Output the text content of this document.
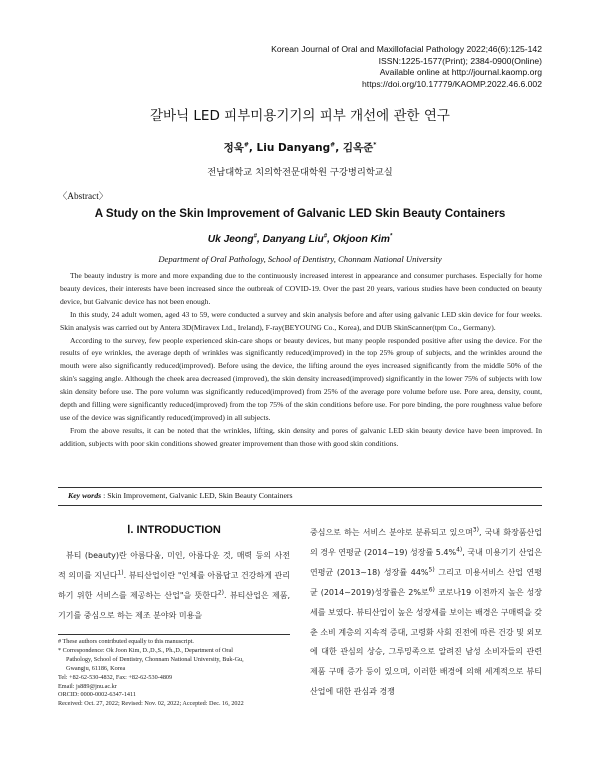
Korean Journal of Oral and Maxillofacial Pathology 2022;46(6):125-142
ISSN:1225-1577(Print); 2384-0900(Online)
Available online at http://journal.kaomp.org
https://doi.org/10.17779/KAOMP.2022.46.6.002
갈바닉 LED 피부미용기기의 피부 개선에 관한 연구
정욱#, Liu Danyang#, 김옥준*
전남대학교 치의학전문대학원 구강병리학교실
〈Abstract〉
A Study on the Skin Improvement of Galvanic LED Skin Beauty Containers
Uk Jeong#, Danyang Liu#, Okjoon Kim*
Department of Oral Pathology, School of Dentistry, Chonnam National University

The beauty industry is more and more expanding due to the continuously increased interest in appearance and consumer purchases. Especially for home beauty devices, their interests have been increased since the outbreak of COVID-19. Over the past 20 years, various studies have been conducted on beauty device, but Galvanic device has not been enough.

In this study, 24 adult women, aged 43 to 59, were conducted a survey and skin analysis before and after using galvanic LED skin device for four weeks. Skin analysis was carried out by Antera 3D(Miravex Ltd., Ireland), F-ray(BEYOUNG Co., Korea), and DUB SkinScanner(tpm Co., Germany).

According to the survey, few people experienced skin-care shops or beauty devices, but many people responded positive after using the device. For the results of eye wrinkles, the average depth of wrinkles was significantly reduced(improved) in the top 25% group of subjects, and the wrinkles around the mouth were also significantly reduced(improved). Before using the device, the lifting around the eyes increased significantly from the middle 50% of the skin's sagging angle. Although the cheek area decreased (improved), the skin density increased(improved) significantly in the lower 75% of subjects with low skin density before use. The pore volumn was significantly reduced(improved) from 25% of the average pore volume before use. Pore area, density, count, depth and filling were significantly reduced(improved) from the top 75% of the skin conditions before use. For pore binding, the pore roughness value before use of the device was significantly reduced(improved) in all subjects.

From the above results, it can be noted that the wrinkles, lifting, skin density and pores of galvanic LED skin beauty device have been improved. In addition, subjects with poor skin conditions showed greater improvement than those with good skin conditions.

Key words : Skin Improvement, Galvanic LED, Skin Beauty Containers
Ⅰ. INTRODUCTION

뷰티 (beauty)란 아름다움, 미인, 아름다운 것, 매력 등의 사전적 의미를 지닌다$^{1)}$. 뷰티산업이란 "인체를 아름답고 건강하게 관리하기 위한 서비스를 제공하는 산업"을 뜻한다$^{2)}$. 뷰티산업은 제품, 기기를 중심으로 하는 제조 분야와 미용을

# These authors contributed equally to this manuscript.
* Correspondence: Ok Joon Kim, D.,D.,S., Ph.,D., Department of Oral
Pathology, School of Dentistry, Chonnam National University, Buk-Gu,
Gwangju, 61186, Korea
Tel: +82-62-530-4832, Fax: +82-62-530-4809
Email: js889@jnu.ac.kr
ORCID: 0000-0002-6347-1411
Received: Oct. 27, 2022; Revised: Nov. 02, 2022; Accepted: Dec. 16, 2022

중심으로 하는 서비스 분야로 분류되고 있으며$^{3)}$, 국내 화장품산업의 경우 연평균 (2014~19) 성장률 5.4%$^{4)}$, 국내 미용기기 산업은 연평균 (2013~18) 성장률 44%$^{5)}$ 그리고 미용서비스 산업 연평균 (2014~2019)성장률은 2%로$^{6)}$ 코로나19 이전까지 높은 성장세를 보였다. 뷰티산업이 높은 성장세를 보이는 배경은 구매력을 갖춘 소비 계층의 지속적 증대, 고령화 사회 진전에 따른 건강 및 외모에 대한 관심의 상승, 그루밍족으로 알려진 남성 소비자들의 관련 제품 구매 증가 등이 있으며, 이러한 배경에 의해 세계적으로 뷰티산업에 대한 관심과 경쟁
